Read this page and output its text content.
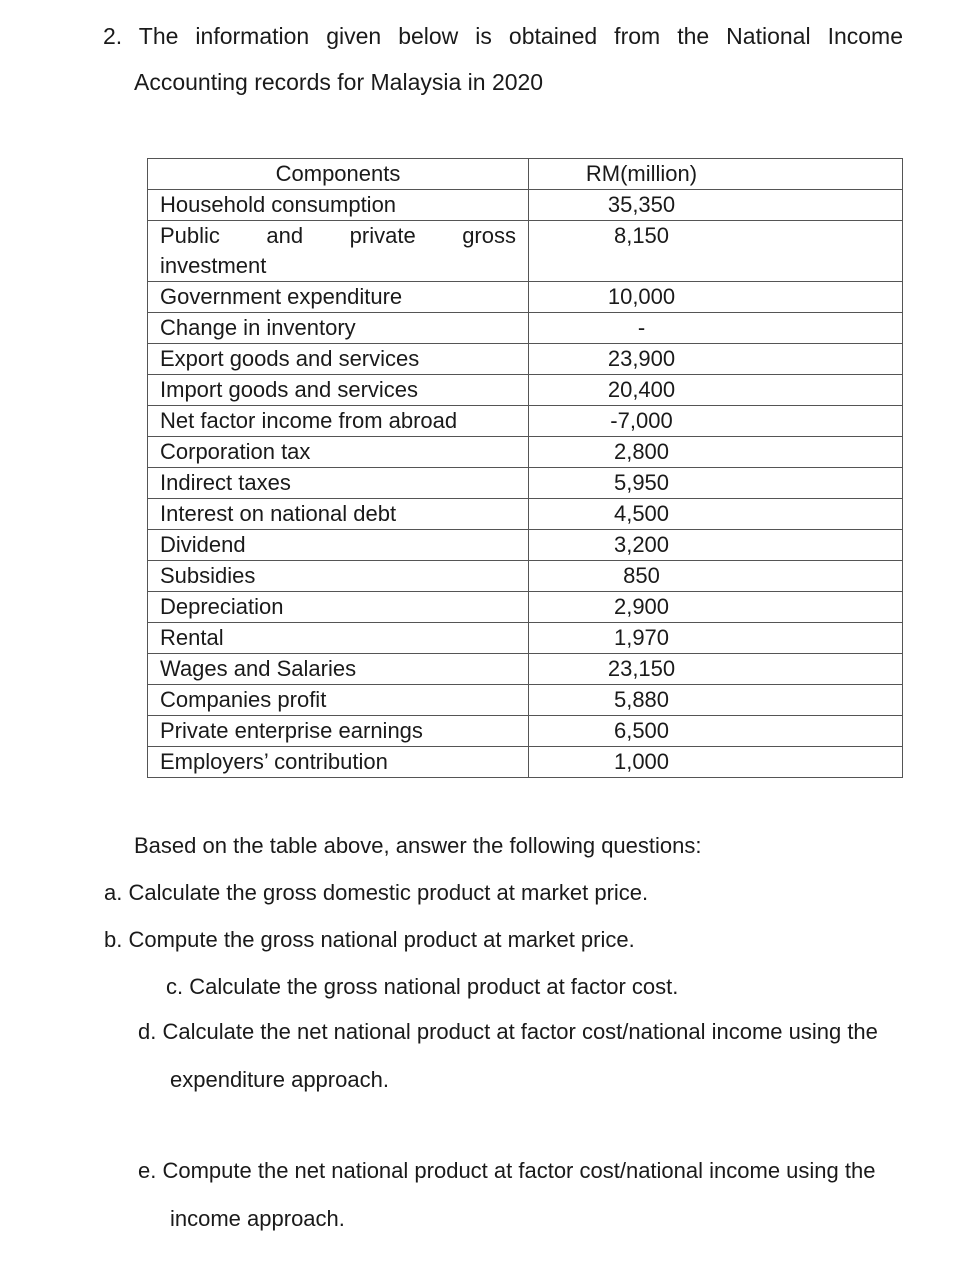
2. The information given below is obtained from the National Income
Accounting records for Malaysia in 2020
Components	RM(million)
Household consumption	35,350

Public and private gross
investment	8,150
Government expenditure	10,000
Change in inventory	-
Export goods and services	23,900
Import goods and services	20,400
Net factor income from abroad	-7,000
Corporation tax	2,800
Indirect taxes	5,950
Interest on national debt	4,500
Dividend	3,200
Subsidies	850
Depreciation	2,900
Rental	1,970
Wages and Salaries	23,150
Companies profit	5,880
Private enterprise earnings	6,500
Employers’ contribution	1,000
Based on the table above, answer the following questions:
a. Calculate the gross domestic product at market price.
b. Compute the gross national product at market price.
c. Calculate the gross national product at factor cost.
d. Calculate the net national product at factor cost/national income using the
expenditure approach.
e. Compute the net national product at factor cost/national income using the
income approach.
